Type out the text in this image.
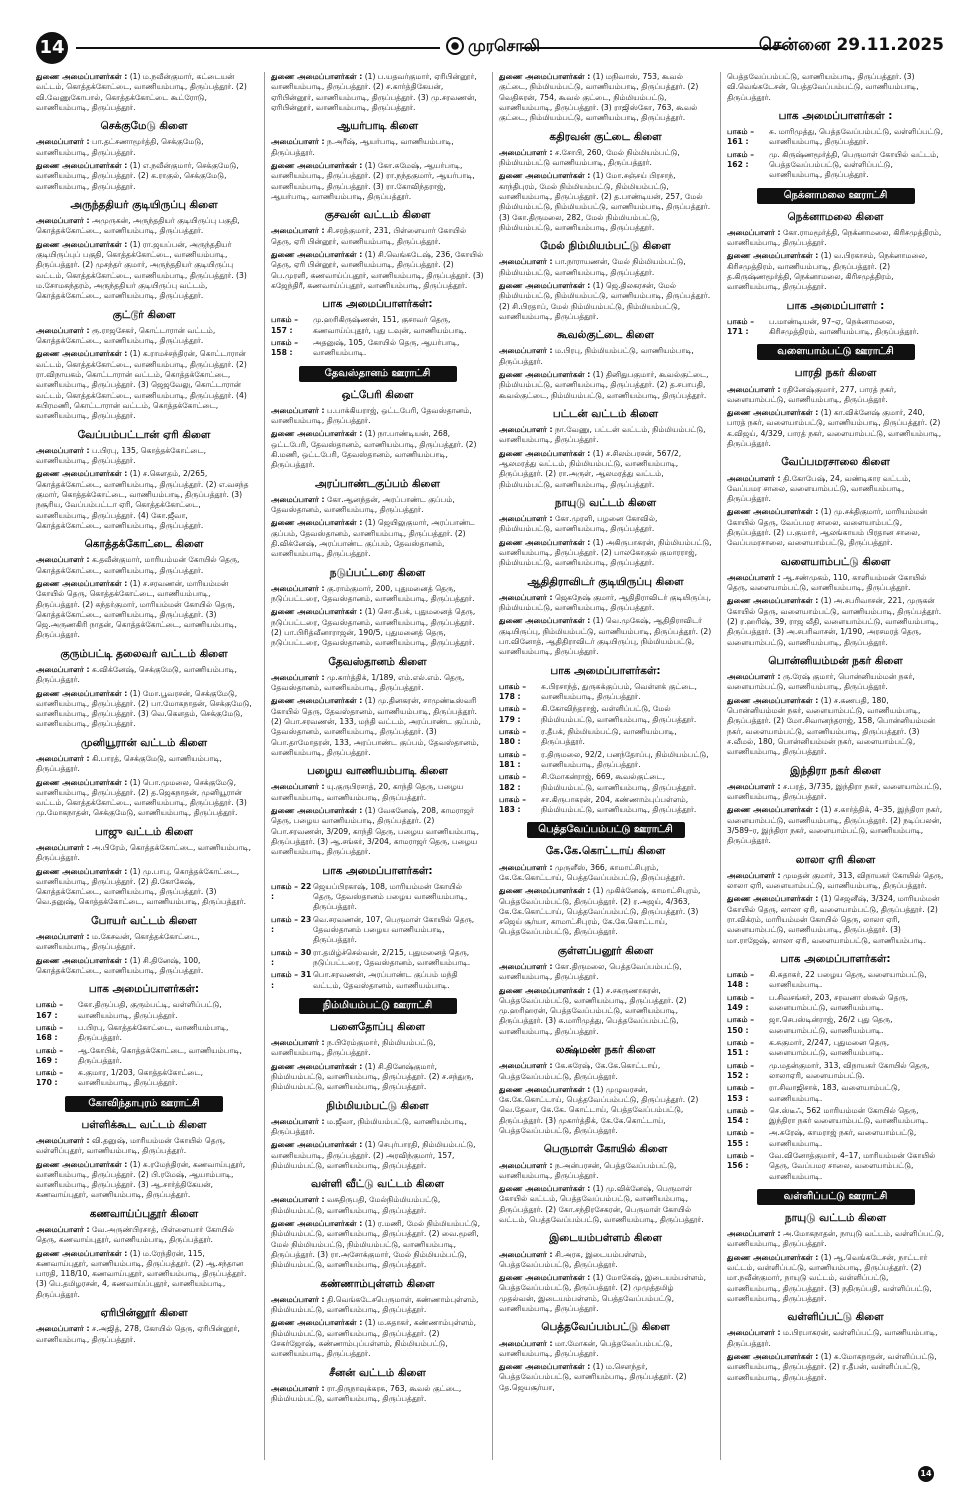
14	முரசொலி	சென்னை 29.11.2025
துணை அமைப்பாளர்கள் : (1) ம.நவீன்குமார், கட்டையன் வட்டம், கொத்தக்கோட்டை, வாணியம்பாடி, திருப்பத்தூர். (2) வி.வேணுகோபால், கொத்தக்கோட்டை கூட்ரோடு, வாணியம்பாடி, திருப்பத்தூர்.
செக்குமேடு கிளை
அமைப்பாளர் : பா.தட்சணாமூர்த்தி, செக்குமேடு, வாணியம்பாடி, திருப்பத்தூர்.
துணை அமைப்பாளர்கள் : (1) எ.நவீன்குமார், செக்குமேடு, வாணியம்பாடி, திருப்பத்தூர். (2) க.ராகுல், செக்குமேடு, வாணியம்பாடி, திருப்பத்தூர்.
அருந்ததியர் குடியிருப்பு கிளை
அமைப்பாளர் : அமுருகன், அருந்ததியர் குடியிருப்பு பகுதி, கொத்தக்கோட்டை, வாணியம்பாடி, திருப்பத்தூர்.
துணை அமைப்பாளர்கள் : (1) ரா.ஜயப்பன், அருந்ததியர் குடியிருப்புப் பகுதி, கொத்தக்கோட்டை, வாணியம்பாடி, திருப்பத்தூர். (2) முசந்தர் குமார், அருந்ததியர் குடியிருப்பு வட்டம், கொத்தக்கோட்டை, வாணியம்பாடி, திருப்பத்தூர். (3) ம.சோமசுந்தரம், அருந்ததியர் குடியிருப்பு வட்டம், கொத்தக்கோட்டை, வாணியம்பாடி, திருப்பத்தூர்.
குட்டூர் கிளை
அமைப்பாளர் : ரூ.ராஜசேகர், கொட்டாரான் வட்டம், கொத்தக்கோட்டை, வாணியம்பாடி, திருப்பத்தூர்.
துணை அமைப்பாளர்கள் : (1) க.ராமச்சந்திரன், கொட்டாரான் வட்டம், கொத்தக்கோட்டை, வாணியம்பாடி, திருப்பத்தூர். (2) ரா.விநாயகம், கொட்டாரான் வட்டம், கொத்தக்கோட்டை, வாணியம்பாடி, திருப்பத்தூர். (3) ஜெஜவேலு, கொட்டாரான் வட்டம், கொத்தக்கோட்டை, வாணியம்பாடி, திருப்பத்தூர். (4) சுபிரமணி, கொட்டாரான் வட்டம், கொத்தக்கோட்டை, வாணியம்பாடி, திருப்பத்தூர்.
வேப்பம்பட்டான் ஏரி கிளை
அமைப்பாளர் : ப.பிரபு, 135, கொத்தக்கோட்டை, வாணியம்பாடி, திருப்பத்தூர்.
துணை அமைப்பாளர்கள் : (1) ச.கௌதம், 2/265, கொத்தக்கோட்டை, வாணியம்பாடி, திருப்பத்தூர். (2) எ.வசந்த குமார், கொத்தக்கோட்டை, வாணியம்பாடி, திருப்பத்தூர். (3) நசூரிய, வேப்பம்பட்டா ஏரி, கொத்தக்கோட்டை, வாணியம்பாடி, திருப்பத்தூர். (4) கோ.ஜீவா, கொத்தக்கோட்டை, வாணியம்பாடி, திருப்பத்தூர்.
கொத்தக்கோட்டை கிளை
அமைப்பாளர் : க.தவீன்குமார், மாரியம்மன் கோயில் தெரு, கொத்தக்கோட்டை, வாணியம்பாடி, திருப்பத்தூர்.
துணை அமைப்பாளர்கள் : (1) ச.சரவணன், மாரியம்மன் கோயில் தெரு, கொத்தக்கோட்டை, வாணியம்பாடி, திருப்பத்தூர். (2) சுந்தர்குமார், மாரியம்மன் கோயில் தெரு, கொத்தக்கோட்டை, வாணியம்பாடி, திருப்பத்தூர். (3) ஜெ.அருணகிரி நாதன், கொத்தக்கோட்டை, வாணியம்பாடி, திருப்பத்தூர்.
குரும்பட்டி தலைவர் வட்டம் கிளை
அமைப்பாளர் : சு.விக்னேஷ், செக்குமேடு, வாணியம்பாடி, திருப்பத்தூர்.
துணை அமைப்பாளர்கள் : (1) மோ.பூவரசன், செக்குமேடு, வாணியம்பாடி, திருப்பத்தூர். (2) பா.மோகநாதன், செக்குமேடு, வாணியம்பாடி, திருப்பத்தூர். (3) வெ.கௌதம், செக்குமேடு, வாணியம்பாடி, திருப்பத்தூர்.
முனியூரான் வட்டம் கிளை
அமைப்பாளர் : கி.பாரத், செக்குமேடு, வாணியம்பாடி, திருப்பத்தூர்.
துணை அமைப்பாளர்கள் : (1) பொ.முமலை, செக்குமேடு, வாணியம்பாடி, திருப்பத்தூர். (2) த.ஜெகநாதன், முனியூரான் வட்டம், கொத்தக்கோட்டை, வாணியம்பாடி, திருப்பத்தூர். (3) மு.மோகநாதன், செக்குமேடு, வாணியம்பாடி, திருப்பத்தூர்.
பாஜு வட்டம் கிளை
அமைப்பாளர் : அ.பிரேம், கொத்தக்கோட்டை, வாணியம்பாடி, திருப்பத்தூர்.
துணை அமைப்பாளர்கள் : (1) மு.பாபு, கொத்தக்கோட்டை, வாணியம்பாடி, திருப்பத்தூர். (2) தி.கோகேஷ், கொத்தக்கோட்டை, வாணியம்பாடி, திருப்பத்தூர். (3) வெ.தனுஷ், கொத்தக்கோட்டை, வாணியம்பாடி, திருப்பத்தூர்.
போயர் வட்டம் கிளை
அமைப்பாளர் : ம.கேசவன், கொத்தக்கோட்டை, வாணியம்பாடி, திருப்பத்தூர்.
துணை அமைப்பாளர்கள் : (1) சி.தினேஷ், 100, கொத்தக்கோட்டை, வாணியம்பாடி, திருப்பத்தூர்.
பாக அமைப்பாளர்கள்:
பாகம் – 167 :
கோ.திருப்பதி, குரும்பட்டி, வள்ளிப்பட்டு, வாணியம்பாடி, திருப்பத்தூர்.
பாகம் – 168 :
ப.பிரபு, கொத்தக்கோட்டை, வாணியம்பாடி, திருப்பத்தூர்.
பாகம் – 169 :
ஆ.கோபிக், கொத்தக்கோட்டை, வாணியம்பாடி, திருப்பத்தூர்.
பாகம் – 170 :
சு.குமார, 1/203, கொத்தக்கோட்டை, வாணியம்பாடி, திருப்பத்தூர்.
கோவிந்தாபுரம் ஊராட்சி
பள்ளிக்கூட வட்டம் கிளை
அமைப்பாளர் : வி.தனுஷ், மாரியம்மன் கோயில் தெரு, வள்ளிப்புதூர், வாணியம்பாடி, திருப்பத்தூர்.
துணை அமைப்பாளர்கள் : (1) சு.ரமேந்திரன், கணவாய்புதூர், வாணியம்பாடி, திருப்பத்தூர். (2) பி.ரமேஷ், ஆயாம்பாடி, வாணியம்பாடி, திருப்பத்தூர். (3) ஆ.சார்த்திகேயன், கணவாய்புதூர், வாணியம்பாடி, திருப்பத்தூர்.
கணவாய்ப்புதூர் கிளை
அமைப்பாளர் : வே.அருண்பிரசாத், பிள்ளையார் கோயில் தெரு, கணவாய்புதூர், வாணியம்பாடி, திருப்பத்தூர்.
துணை அமைப்பாளர்கள் : (1) ம.ரேந்திரன், 115, கணவாய்புதூர், வாணியம்பாடி, திருப்பத்தூர். (2) ஆ.சந்தான பாரதி, 118/10, கணவாய்புதூர், வாணியம்பாடி, திருப்பத்தூர். (3) பெ.தமிழரசன், 4, கணவாய்ப்புதூர், வாணியம்பாடி, திருப்பத்தூர்.
ஏரிபின்னூர் கிளை
அமைப்பாளர் : ச.அஜித், 278, கோயில் தெரு, ஏரிபின்னூர், வாணியம்பாடி, திருப்பத்தூர்.
துணை அமைப்பாளர்கள் : (1) ப.யதவர்குமார், ஏரிபின்னூர், வாணியம்பாடி, திருப்பத்தூர். (2) ச.கார்த்திகேயன், ஏரிபின்னூர், வாணியம்பாடி, திருப்பத்தூர். (3) மு.சரவணன், ஏரிபின்னூர், வாணியம்பாடி, திருப்பத்தூர்.
ஆயர்பாடி கிளை
அமைப்பாளர் : ந.அரீஷ், ஆயர்பாடி, வாணியம்பாடி, திருப்பத்தூர்.
துணை அமைப்பாளர்கள் : (1) கோ.சுமேஷ், ஆயர்பாடி, வாணியம்பாடி, திருப்பத்தூர். (2) ரா.நந்தகுமார், ஆயர்பாடி, வாணியம்பாடி, திருப்பத்தூர். (3) ரா.கோவிந்தராஜ், ஆயர்பாடி, வாணியம்பாடி, திருப்பத்தூர்.
குசவன் வட்டம் கிளை
அமைப்பாளர் : சி.சரத்குமார், 231, பிள்ளையார் கோயில் தெரு, ஏரி பின்னூர், வாணியம்பாடி, திருப்பத்தூர்.
துணை அமைப்பாளர்கள் : (1) சி.வெங்கடேஷ், 236, கோயில் தெரு, ஏரி பின்னூர், வாணியம்பாடி, திருப்பத்தூர். (2) பெ.முரளி, கணவாய்ப்புதூர், வாணியம்பாடி, திருப்பத்தூர். (3) கஜேந்திரீ, கணவாய்ப்புதூர், வாணியம்பாடி, திருப்பத்தூர்.
பாக அமைப்பாளர்கள்:
பாகம் – 157 :
மு.ஹரிகிருஷ்ணன், 151, குசாவர் தெரு, கணவாய்ப்புதூர், புது டவுன், வாணியம்பாடி.
பாகம் – 158 :
அதனுஷ், 105, கோயில் தெரு, ஆயர்பாடி, வாணியம்பாடி.
தேவஸ்தானம் ஊராட்சி
ஒட்பேரி கிளை
அமைப்பாளர் : ப.பாக்கியராஜ், ஒட்டபேரி, தேவஸ்தானம், வாணியம்பாடி, திருப்பத்தூர்.
துணை அமைப்பாளர்கள் : (1) நா.பாண்டியன், 268, ஒட்டபேரி, தேவஸ்தானம், வாணியம்பாடி, திருப்பத்தூர். (2) கி.மணி, ஒட்டபேரி, தேவஸ்தானம், வாணியம்பாடி, திருப்பத்தூர்.
அரப்பாண்டகுப்பம் கிளை
அமைப்பாளர் : கோ.ஆனந்தன், அரப்பாண்ட குப்பம், தேவஸ்தானம், வாணியம்பாடி, திருப்பத்தூர்.
துணை அமைப்பாளர்கள் : (1) ஜெயிலுகுமார், அரப்பாண்ட குப்பம், தேவஸ்தானம், வாணியம்பாடி, திருப்பத்தூர். (2) தி.விக்னேஷ், அரப்பாண்ட குப்பம், தேவஸ்தானம், வாணியம்பாடி, திருப்பத்தூர்.
நடுப்பட்டரை கிளை
அமைப்பாளர் : கு.ராம்குமார், 200, புதுமனைத் தெரு, நடுப்பட்டரை, தேவஸ்தானம், வாணியம்பாடி, திருப்பத்தூர்.
துணை அமைப்பாளர்கள் : (1) சொ.தீபக், புதுமனைத் தெரு, நடுப்பட்டரை, தேவஸ்தானம், வாணியம்பாடி, திருப்பத்தூர். (2) பா.பிரித்வீனாராஜன், 190/5, புதுமனைத் தெரு, நடுப்பட்டரை, தேவஸ்தானம், வாணியம்பாடி, திருப்பத்தூர்.
தேவஸ்தானம் கிளை
அமைப்பாளர் : மு.கார்த்திக், 1/189, எம்.எல்.எம். தெரு, தேவஸ்தானம், வாணியம்பாடி, திருப்பத்தூர்.
துணை அமைப்பாளர்கள் : (1) மு.தினகரன், சாமுண்டீஸ்வரி கோயில் தெரு, தேவஸ்தானம், வாணியம்பாடி, திருப்பத்தூர். (2) பொ.சரவணன், 133, மந்தி வட்டம், அரப்பாண்ட குப்பம், தேவஸ்தானம், வாணியம்பாடி, திருப்பத்தூர். (3) பொ.தாமோதரன், 133, அரப்பாண்ட குப்பம், தேவஸ்தானம், வாணியம்பாடி, திருப்பத்தூர்.
பழைய வாணியம்பாடி கிளை
அமைப்பாளர் : யு.குருபிரசாத், 20, காந்தி தெரு, பழைய வாணியம்பாடி, வாணியம்பாடி, திருப்பத்தூர்.
துணை அமைப்பாளர்கள் : (1) வேகனேஷ், 208, காமராஜர் தெரு, பழைய வாணியம்பாடி, திருப்பத்தூர். (2) பொ.சரவணன், 3/209, காந்தி தெரு, பழைய வாணியம்பாடி, திருப்பத்தூர். (3) ஆ.சங்கர், 3/204, காமராஜர் தெரு, பழைய வாணியம்பாடி, திருப்பத்தூர்.
பாக அமைப்பாளர்கள்:
பாகம் – 22 :
ஜெயப்பிரகாஷ், 108, மாரியம்மன் கோயில் தெரு, தேவஸ்தானம் பழைய வாணியம்பாடி, திருப்பத்தூர்.
பாகம் – 23 :
வெ.சரவணன், 107, பெருமாள் கோயில் தெரு, தேவஸ்தானம் பழைய வாணியம்பாடி, திருப்பத்தூர்.
பாகம் – 30 :
ரா.தமிழ்ச்செல்வன், 2/215, புதுமனைத் தெரு, நடுப்பட்டரை, தேவஸ்தானம், வாணியம்பாடி.
பாகம் – 31 :
பொ.சரவணன், அரப்பாண்ட குப்பம் மந்தி வட்டம், தேவஸ்தானம், வாணியம்பாடி.
நிம்மியம்பட்டு ஊராட்சி
பனைதோப்பு கிளை
அமைப்பாளர் : ந.பிரேம்குமார், நிம்மியம்பட்டு, வாணியம்பாடி, திருப்பத்தூர்.
துணை அமைப்பாளர்கள் : (1) சி.தினேஷ்குமார், நிம்மியம்பட்டு, வாணியம்பாடி, திருப்பத்தூர். (2) ச.சந்துரு, நிம்மியம்பட்டு, வாணியம்பாடி, திருப்பத்தூர்.
நிம்மியம்பட்டு கிளை
அமைப்பாளர் : ம.ஜீவா, நிம்மியம்பட்டு, வாணியம்பாடி, திருப்பத்தூர்.
துணை அமைப்பாளர்கள் : (1) செபுர்பாரதி, நிம்மியம்பட்டு, வாணியம்பாடி, திருப்பத்தூர். (2) அரவிந்குமார், 157, நிம்மியம்பட்டு, வாணியம்பாடி, திருப்பத்தூர்.
வள்ளி வீட்டு வட்டம் கிளை
அமைப்பாளர் : வசுதிருபதி, மேல்நிம்மியம்பட்டு, நிம்மியம்பட்டு, வாணியம்பாடி, திருப்பத்தூர்.
துணை அமைப்பாளர்கள் : (1) ர.மணி, மேல் நிம்மியம்பட்டு, நிம்மியம்பட்டு, வாணியம்பாடி, திருப்பத்தூர். (2) வை.மூனி, மேல் நிம்மியம்பட்டு, நிம்மியம்பட்டு, வாணியம்பாடி, திருப்பத்தூர். (3) ரா.அசோக்குமார், மேல் நிம்மியம்பட்டு, நிம்மியம்பட்டு, வாணியம்பாடி, திருப்பத்தூர்.
கண்ணாம்புள்ளம் கிளை
அமைப்பாளர் : தி.வெங்கடேசபெருமாள், கண்ணாம்புள்ளம், நிம்மியம்பட்டு, வாணியம்பாடி, திருப்பத்தூர்.
துணை அமைப்பாளர்கள் : (1) ம.சுதாகர், கண்ணாம்புள்ளம், நிம்மியம்பட்டு, வாணியம்பாடி, திருப்பத்தூர். (2) சேகர்ஜோஷ், சுண்ணாம்புப்பள்ளம், நிம்மியம்பட்டு, வாணியம்பாடி, திருப்பத்தூர்.
சீனன் வட்டம் கிளை
அமைப்பாளர் : ரா.திருநாவுக்கரசு, 763, கூவல் குட்டை, நிம்மியம்பட்டு, வாணியம்பாடி, திருப்பத்தூர்.
துணை அமைப்பாளர்கள் : (1) மநிவாஸ், 753, கூவல் குட்டை, நிம்மியம்பட்டு, வாணியம்பாடி, திருப்பத்தூர். (2) வெதிசுரன், 754, கூவல் குட்டை, நிம்மியம்பட்டு, வாணியம்பாடி, திருப்பத்தூர். (3) ராஜிஸ்கோ, 763, கூவல் குட்டை, நிம்மியம்பட்டு, வாணியம்பாடி, திருப்பத்தூர்.
கதிரவன் குட்டை கிளை
அமைப்பாளர் : ச.சோபி, 260, மேல் நிம்மியம்பட்டு, நிம்மியம்பட்டு வாணியம்பாடி, திருப்பத்தூர்.
துணை அமைப்பாளர்கள் : (1) மோ.சஞ்சய் பிரசாந், காந்திபுரம், மேல் நிம்மியம்பட்டு, நிம்மியம்பட்டு, வாணியம்பாடி, திருப்பத்தூர். (2) த.பாண்டியன், 257, மேல் நிம்மியம்பட்டு, நிம்மியம்பட்டு, வாணியம்பாடி, திருப்பத்தூர். (3) கோ.திருமலை, 282, மேல் நிம்மியம்பட்டு, நிம்மியம்பட்டு, வாணியம்பாடி, திருப்பத்தூர்.
மேல் நிம்மியம்பட்டு கிளை
அமைப்பாளர் : பா.நாராயணன், மேல் நிம்மியம்பட்டு, நிம்மியம்பட்டு, வாணியம்பாடி, திருப்பத்தூர்.
துணை அமைப்பாளர்கள் : (1) ஜெ.திலகரசன், மேல் நிம்மியம்பட்டு, நிம்மியம்பட்டு, வாணியம்பாடி, திருப்பத்தூர். (2) சி.பிரதாப், மேல் நிம்மியம்பட்டு, நிம்மியம்பட்டு, வாணியம்பாடி, திருப்பத்தூர்.
கூவல்குட்டை கிளை
அமைப்பாளர் : ம.பிரபு, நிம்மியம்பட்டு, வாணியம்பாடி, திருப்பத்தூர்.
துணை அமைப்பாளர்கள் : (1) தினிதுபகுமார், கூவல்குட்டை, நிம்மியம்பட்டு, வாணியம்பாடி, திருப்பத்தூர். (2) த.சபாபதி, கூவல்குட்டை, நிம்மியம்பட்டு, வாணியம்பாடி, திருப்பத்தூர்.
பட்டன் வட்டம் கிளை
அமைப்பாளர் : நா.வேணு, பட்டன் வட்டம், நிம்மியம்பட்டு, வாணியம்பாடி, திருப்பத்தூர்.
துணை அமைப்பாளர்கள் : (1) ச.சிலம்பரசன், 567/2, ஆலமரத்து வட்டம், நிம்மியம்பட்டு, வாணியம்பாடி, திருப்பத்தூர். (2) ரா.அருள், ஆலமரத்து வட்டம், நிம்மியம்பட்டு, வாணியம்பாடி, திருப்பத்தூர்.
நாயுடு வட்டம் கிளை
அமைப்பாளர் : கோ.முரளி, பழனை கோவில், நிம்மியம்பட்டு, வாணியம்பாடி, திருப்பத்தூர்.
துணை அமைப்பாளர்கள் : (1) அகிருபாகரன், நிம்மியம்பட்டு, வாணியம்பாடி, திருப்பத்தூர். (2) பாலகோகுல் குமாரராஜ், நிம்மியம்பட்டு, வாணியம்பாடி, திருப்பத்தூர்.
ஆதிதிராவிடர் குடியிருப்பு கிளை
அமைப்பாளர் : ஜெகநேஷ் குமார், ஆதிதிராவிடர் குடியிருப்பு, நிம்மியம்பட்டு, வாணியம்பாடி, திருப்பத்தூர்.
துணை அமைப்பாளர்கள் : (1) வெ.முகேஷ், ஆதிதிராவிடர் குடியிருப்பு, நிம்மியம்பட்டு, வாணியம்பாடி, திருப்பத்தூர். (2) பா.வினோத், ஆதிதிராவிடர் குடியிருப்பு, நிம்மியம்பட்டு, வாணியம்பாடி, திருப்பத்தூர்.
பாக அமைப்பாளர்கள்:
பாகம் – 178 :
சு.பிரசாந்த், துருசுக்குப்பம், வெள்ளக் குட்டை, வாணியம்பாடி, திருப்பத்தூர்.
பாகம் – 179 :
கி.கோவிந்தராஜ், வள்ளிப்பட்டு, மேல் நிம்மியம்பட்டு, வாணியம்பாடி, திருப்பத்தூர்.
பாகம் – 180 :
ர.தீபக், நிம்மியம்பட்டு, வாணியம்பாடி, திருப்பத்தூர்.
பாகம் – 181 :
ர.திருமலை, 92/2, பனந்தோப்பு, நிம்மியம்பட்டு, வாணியம்பாடி, திருப்பத்தூர்.
பாகம் – 182 :
சி.மோகன்ராஜ், 669, கூவல்குட்டை, நிம்மியம்பட்டு, வாணியம்பாடி, திருப்பத்தூர்.
பாகம் – 183 :
சா.கிருபாகரன், 204, கண்ணாம்புப்பள்ளம், நிம்மியம்பட்டு, வாணியம்பாடி, திருப்பத்தூர்.
பெத்தவேப்பம்பட்டு ஊராட்சி
கே.கே.கொட்டாய் கிளை
அமைப்பாளர் : முருளீஸ், 366, காமாட்சிபுரம், கே.கே.கொட்டாய், பெத்தவேப்பம்பட்டு, திருப்பத்தூர்.
துணை அமைப்பாளர்கள் : (1) முகிக்னேஷ், காமாட்சிபுரம், பெத்தவேப்பம்பட்டு, திருப்பத்தூர். (2) ர.அஜய், 4/363, கே.கே.கொட்டாய், பெத்தவேப்பம்பட்டு, திருப்பத்தூர். (3) சஜெய் சூர்யா, காமாட்சிபுரம், கே.கே.கொட்டாய், பெத்தவேப்பம்பட்டு, திருப்பத்தூர்.
குள்ளப்பனூர் கிளை
அமைப்பாளர் : கோ.திருமலை, பெத்தவேப்பம்பட்டு, வாணியம்பாடி, திருப்பத்தூர்.
துணை அமைப்பாளர்கள் : (1) ச.சகருணாகரன், பெத்தவேப்பம்பட்டு, வாணியம்பாடி, திருப்பத்தூர். (2) மு.ஹரிஹரன், பெத்தவேப்பம்பட்டு, வாணியம்பாடி, திருப்பத்தூர். (3) சு.மாரிமுத்து, பெத்தவேப்பம்பட்டு, வாணியம்பாடி, திருப்பத்தூர்.
லக்ஷ்மண் நகர் கிளை
அமைப்பாளர் : கே.சுரேஷ், கே.கே.கொட்டாய், பெத்தவேப்பம்பட்டு, திருப்பத்தூர்.
துணை அமைப்பாளர்கள் : (1) முழுவரசன், கே.கே.கொட்டாய், பெத்தவேப்பம்பட்டு, திருப்பத்தூர். (2) வெ.தேவா, கே.கே. கொட்டாய், பெத்தவேப்பம்பட்டு, திருப்பத்தூர். (3) முகார்த்திக், கே.கே.கொட்டாய், பெத்தவேப்பம்பட்டு, திருப்பத்தூர்.
பெருமாள் கோயில் கிளை
அமைப்பாளர் : ந.அன்பரசன், பெத்தவேப்பம்பட்டு, வாணியம்பாடி, திருப்பத்தூர்.
துணை அமைப்பாளர்கள் : (1) மு.விக்னேஷ், பெருமாள் கோயில் வட்டம், பெத்தவேப்பம்பட்டு, வாணியம்பாடி, திருப்பத்தூர். (2) கோ.சந்திரசேகரன், பெருமாள் கோயில் வட்டம், பெத்தவேப்பம்பட்டு, வாணியம்பாடி, திருப்பத்தூர்.
இடையம்பள்ளம் கிளை
அமைப்பாளர் : சி.அரசு, இடையம்பள்ளம், பெத்தவேப்பம்பட்டு, திருப்பத்தூர்.
துணை அமைப்பாளர்கள் : (1) மோகேஷ், இடையம்பள்ளம், பெத்தவேப்பம்பட்டு, திருப்பத்தூர். (2) முமுத்தமிழ் முதல்வன், இடையம்பள்ளம், பெத்தவேப்பம்பட்டு, வாணியம்பாடி, திருப்பத்தூர்.
பெத்தவேப்பம்பட்டு கிளை
அமைப்பாளர் : மா.மோகன், பெத்தவேப்பம்பட்டு, வாணியம்பாடி, திருப்பத்தூர்.
துணை அமைப்பாளர்கள் : (1) ம.சௌந்தர், பெத்தவேப்பம்பட்டு, வாணியம்பாடி, திருப்பத்தூர். (2) தே.ஜெயசூர்யா,
பெத்தவேப்பம்பட்டு, வாணியம்பாடி, திருப்பத்தூர். (3) வி.வெங்கடேசன், பெத்தவேப்பம்பட்டு, வாணியம்பாடி, திருப்பத்தூர்.
பாக அமைப்பாளர்கள் :
பாகம் – 161 :
சு. மாரிமுத்து, பெத்தவேப்பம்பட்டு, வள்ளிப்பட்டு, வாணியம்பாடி, திருப்பத்தூர்.
பாகம் – 162 :
மு. கிருஷ்ணமூர்த்தி, பெருமாள் கோயில் வட்டம், பெத்தவேப்பம்பட்டு, வள்ளிப்பட்டு, வாணியம்பாடி, திருப்பத்தூர்.
நெக்னாமலை ஊராட்சி
நெக்னாமலை கிளை
அமைப்பாளர் : கோ.ராமமூர்த்தி, நெக்னாமலை, கிரிசமுத்திரம், வாணியம்பாடி, திருப்பத்தூர்.
துணை அமைப்பாளர்கள் : (1) வ.பிரகாசம், நெக்னாமலை, கிரிசமுத்திரம், வாணியம்பாடி, திருப்பத்தூர். (2) த.கிருஷ்ணமூர்த்தி, நெக்னாமலை, கிரிசமுத்திரம், வாணியம்பாடி, திருப்பத்தூர்.
பாக அமைப்பாளர் :
பாகம் – 171 :
ப.மாண்டியன், 97–ஏ, நெக்னாமலை, கிரிசமுத்திரம், வாணியம்பாடி, திருப்பத்தூர்.
வளையாம்பட்டு ஊராட்சி
பாரதி நகர் கிளை
அமைப்பாளர் : ரதினேஷ்குமார், 277, பாரத் நகர், வளையாம்பட்டு, வாணியம்பாடி, திருப்பத்தூர்.
துணை அமைப்பாளர்கள் : (1) கா.விக்னேஷ் குமார், 240, பாரத் நகர், வளையாம்பட்டு, வாணியம்பாடி, திருப்பத்தூர். (2) க.விஜய், 4/329, பாரத் நகர், வளையாம்பட்டு, வாணியம்பாடி, திருப்பத்தூர்.
வேப்பமரசாலை கிளை
அமைப்பாளர் : தி.கோபேஷ், 24, வண்டிகார வட்டம், வேப்பமர சாலை, வளையாம்பட்டு, வாணியம்பாடி, திருப்பத்தூர்.
துணை அமைப்பாளர்கள் : (1) மு.சக்திகுமார், மாரியம்மன் கோயில் தெரு, வேப்பமர சாலை, வளையாம்பட்டு, திருப்பத்தூர். (2) ப.குமார், ஆலங்காயம் பிரதான சாலை, வேப்பமரசாலை, வளையாம்பட்டு, திருப்பத்தூர்.
வளையாம்பட்டு கிளை
அமைப்பாளர் : ஆ.சண்முகம், 110, காளியம்மன் கோயில் தெரு, வளையாம்பட்டு, வாணியம்பாடி, திருப்பத்தூர்.
துணை அமைப்பாளர்கள் : (1) அ.சபரிவாசன், 221, முருகன் கோயில் தெரு, வளையாம்பட்டு, வாணியம்பாடி, திருப்பத்தூர். (2) ர.ஹரிஷ், 39, ராஜ வீதி, வளையாம்பட்டு, வாணியம்பாடி, திருப்பத்தூர். (3) அ.சபரிவாசன், 1/190, அரசமரத் தெரு, வளையாம்பட்டு, வாணியம்பாடி, திருப்பத்தூர்.
பொன்னியம்மன் நகர் கிளை
அமைப்பாளர் : ரு.ரேஷ் குமார், பொன்னியம்மன் நகர், வளையாம்பட்டு, வாணியம்பாடி, திருப்பத்தூர்.
துணை அமைப்பாளர்கள் : (1) ச.கணபதி, 180, பொன்னியம்மன் நகர், வளையாம்பட்டு, வாணியம்பாடி, திருப்பத்தூர். (2) மோ.சிவானந்தராஜ், 158, பொன்னியம்மன் நகர், வளையாம்பட்டு, வாணியம்பாடி, திருப்பத்தூர். (3) ச.வீமல், 180, பொன்னியம்மன் நகர், வளையாம்பட்டு, வாணியம்பாடி, திருப்பத்தூர்.
இந்திரா நகர் கிளை
அமைப்பாளர் : ச.பரத், 3/735, இந்திரா நகர், வளையாம்பட்டு, வாணியம்பாடி, திருப்பத்தூர்.
துணை அமைப்பாளர்கள் : (1) ச.கார்த்திக், 4–35, இந்திரா நகர், வளையாம்பட்டு, வாணியம்பாடி, திருப்பத்தூர். (2) நடிப்பலன், 3/589–ர, இந்திரா நகர், வளையாம்பட்டு, வாணியம்பாடி, திருப்பத்தூர்.
லாலா ஏரி கிளை
அமைப்பாளர் : முமதன் குமார், 313, விநாயகர் கோயில் தெரு, லாலா ஏரி, வளையாம்பட்டு, வாணியம்பாடி, திருப்பத்தூர்.
துணை அமைப்பாளர்கள் : (1) செஜனீஷ், 3/324, மாரியம்மன் கோயில் தெரு, லாலா ஏரி, வளையாம்பட்டு, திருப்பத்தூர். (2) ரா.விக்ரம், மாரியம்மன் கோயில் தெரு, லாலா ஏரி, வளையாம்பட்டு, வாணியம்பாடி, திருப்பத்தூர். (3) மா.ராஜேஷ், லாலா ஏரி, வளையாம்பட்டு, வாணியம்பாடி.
பாக அமைப்பாளர்கள்:
பாகம் – 148 :
கி.சுதாகர், 22 பழைய தெரு, வளையாம்பட்டு, வாணியம்பாடி.
பாகம் – 149 :
ப.சிவசங்கர், 203, சரவனா ஸ்கூல் தெரு, வளையாம்பட்டு, வாணியம்பாடி.
பாகம் – 150 :
ஜா.செபஸ்டின்ராஜ், 26/2 புது தெரு, வளையாம்பட்டு, வாணியம்பாடி.
பாகம் – 151 :
க.சுகுமார், 2/247, புதுமனை தெரு, வளையாம்பட்டு, வாணியம்பாடி.
பாகம் – 152 :
மு.மதன்குமார், 313, விநாயகர் கோயில் தெரு, லாலாஏரி, வளையாம்பட்டு.
பாகம் – 153 :
ரா.சிவாஜிசாக், 183, வளையாம்பட்டு, வாணியம்பாடி.
பாகம் – 154 :
செ.ஸ்டீஃ, 562 மாரியம்மன் கோயில் தெரு, இந்திரா நகர் வளையாம்பட்டு, வாணியம்பாடி.
பாகம் – 155 :
அ.சுரேஷ், காமராஜ் நகர், வளையாம்பட்டு, வாணியம்பாடி.
பாகம் – 156 :
வே.வினோத்குமார், 4–17, மாரியம்மன் கோயில் தெரு, வேப்பமர சாலை, வளையாம்பட்டு, வாணியம்பாடி.
வள்ளிப்பட்டு ஊராட்சி
நாயுடு வட்டம் கிளை
அமைப்பாளர் : அ.மோகநாதன், நாயுடு வட்டம், வள்ளிப்பட்டு, வாணியம்பாடி, திருப்பத்தூர்.
துணை அமைப்பாளர்கள் : (1) ஆ.வெங்கடேசன், நாட்டார் வட்டம், வள்ளிப்பட்டு, வாணியம்பாடி, திருப்பத்தூர். (2) மா.நவீன்குமார், நாயுடு வட்டம், வள்ளிப்பட்டு, வாணியம்பாடி, திருப்பத்தூர். (3) நதிருப்பதி, வள்ளிப்பட்டு, வாணியம்பாடி, திருப்பத்தூர்.
வள்ளிப்பட்டு கிளை
அமைப்பாளர் : ம.பிரபாகரன், வள்ளிப்பட்டு, வாணியம்பாடி, திருப்பத்தூர்.
துணை அமைப்பாளர்கள் : (1) சு.மோகநாதன், வள்ளிப்பட்டு, வாணியம்பாடி, திருப்பத்தூர். (2) ர.தீபன், வள்ளிப்பட்டு, வாணியம்பாடி, திருப்பத்தூர்.
14
